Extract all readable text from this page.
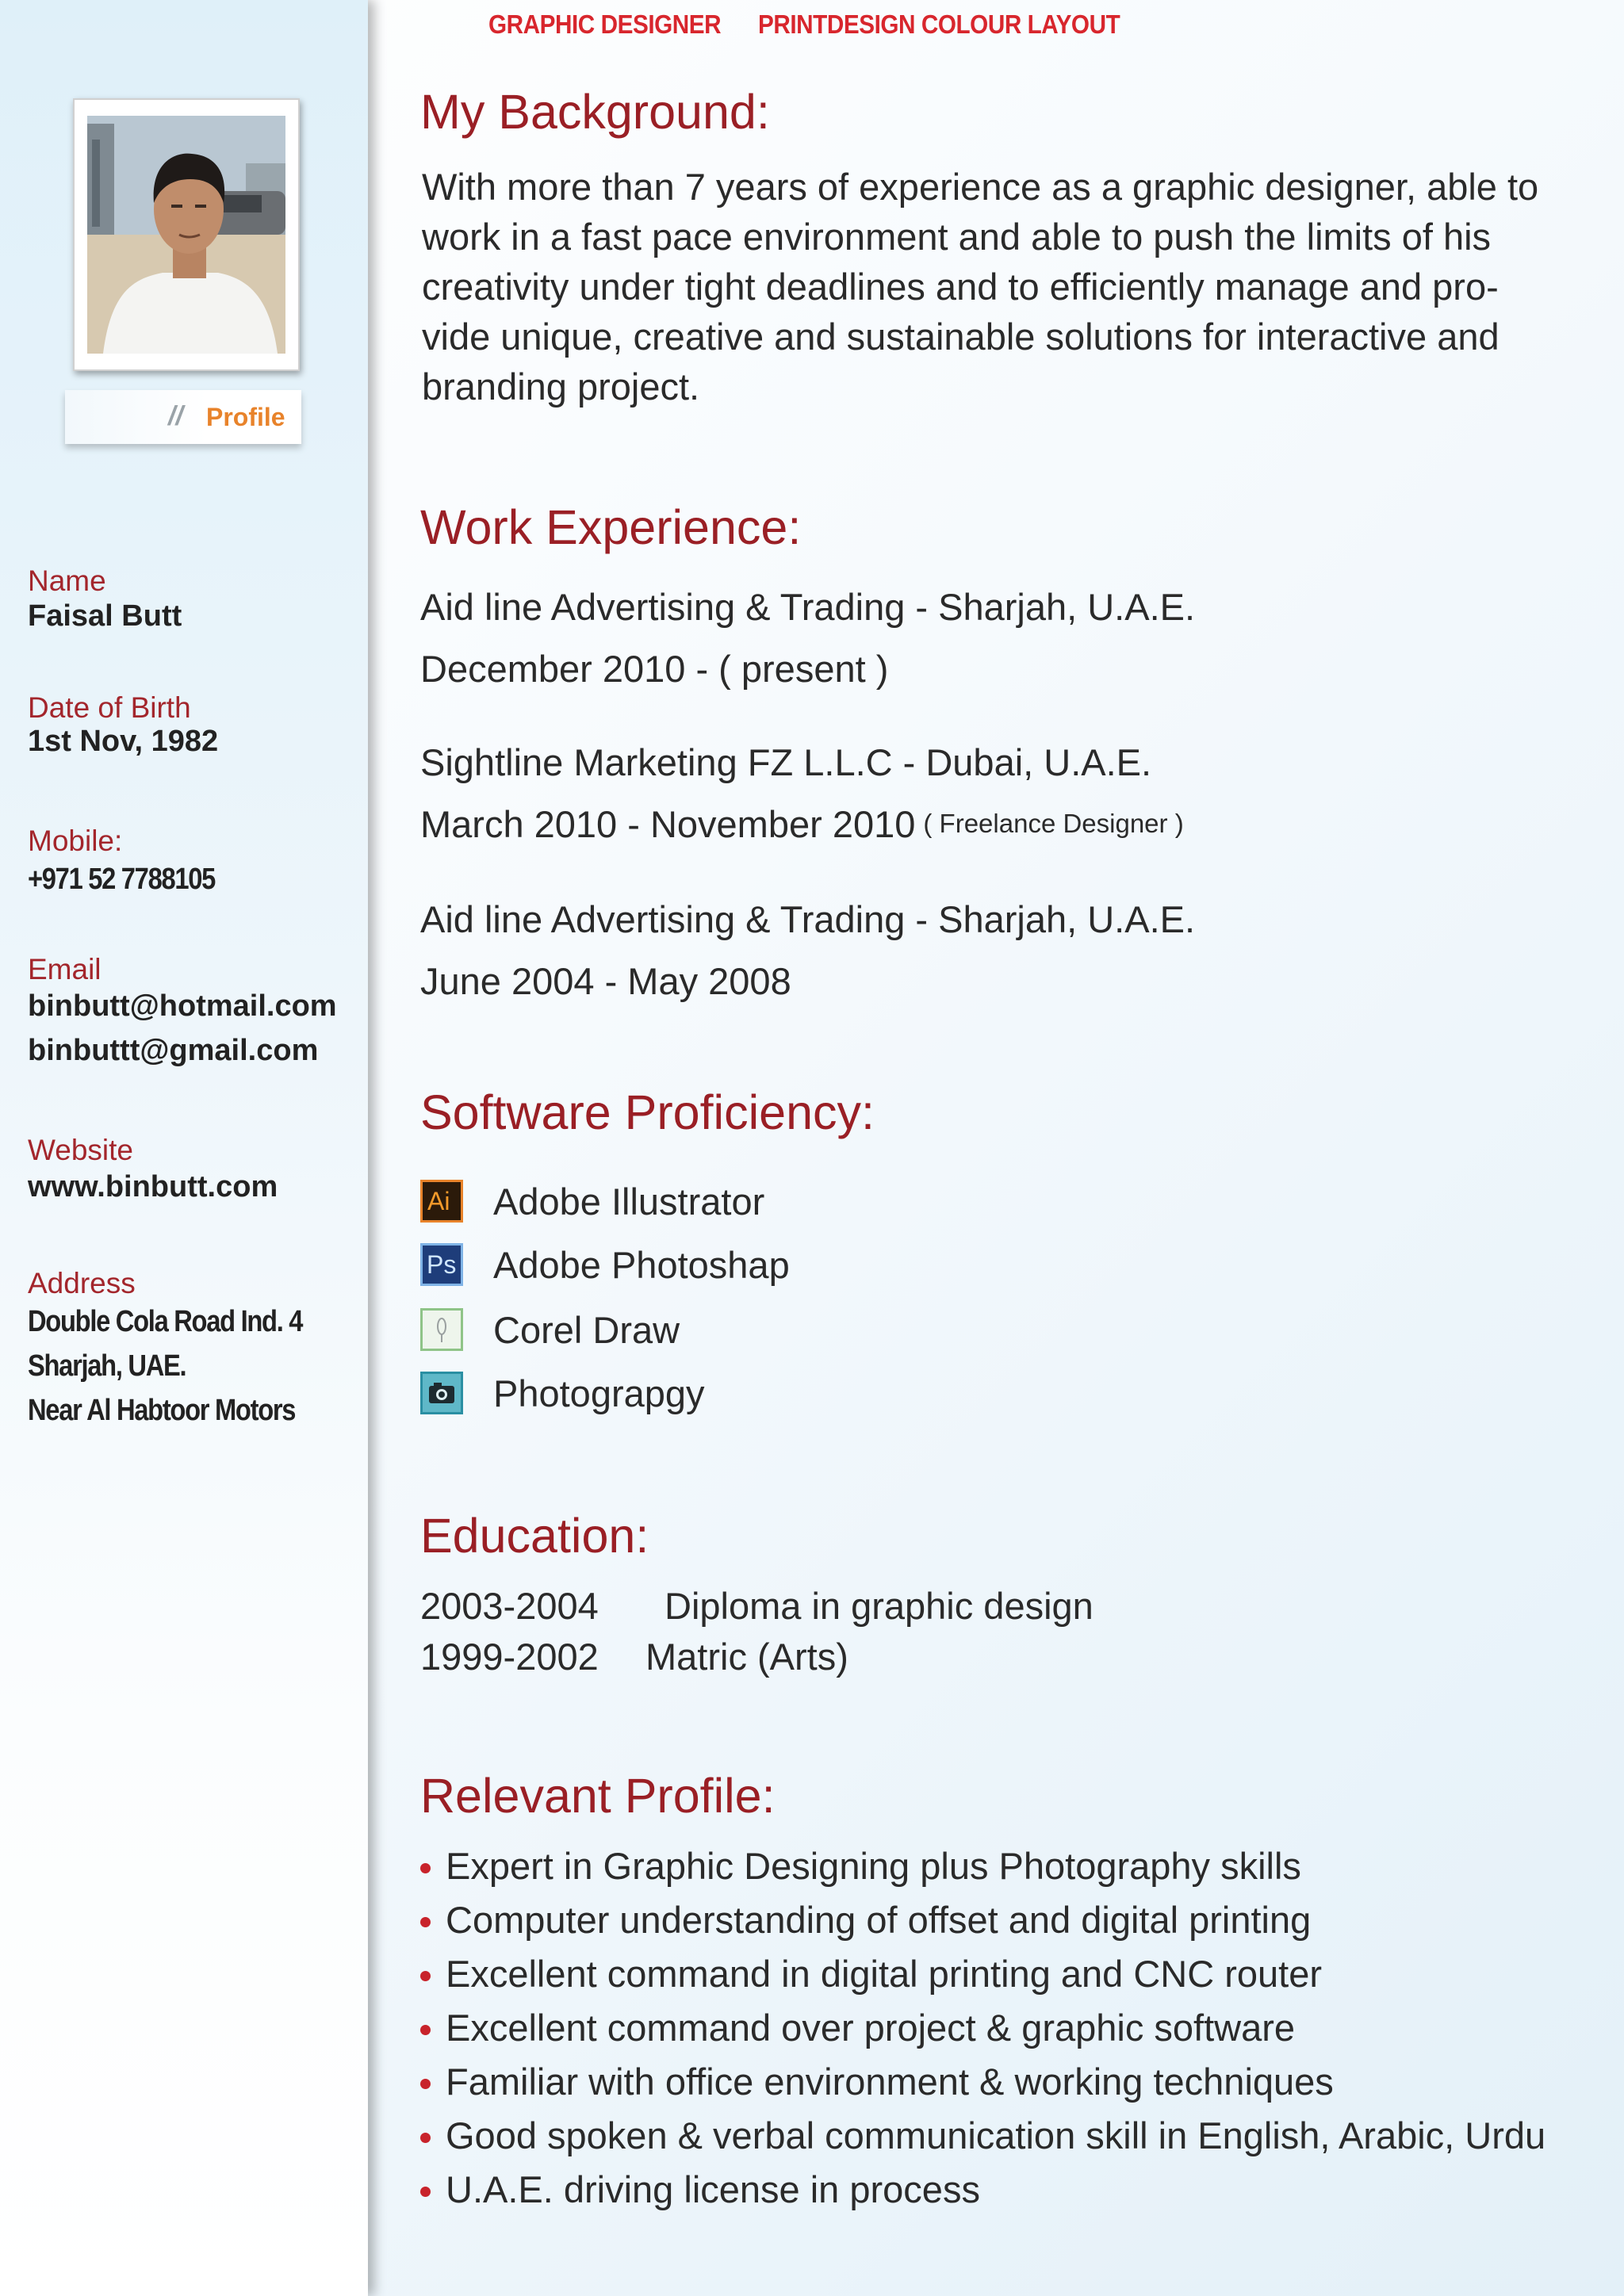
// Profile
Name
Faisal Butt
Date of Birth
1st Nov, 1982
Mobile:
+971 52 7788105
Email
binbutt@hotmail.com
binbuttt@gmail.com
Website
www.binbutt.com
Address
Double Cola Road Ind. 4
Sharjah, UAE.
Near Al Habtoor Motors
GRAPHIC DESIGNER PRINTDESIGN COLOUR LAYOUT
My Background:
With more than 7 years of experience as a graphic designer, able to
work in a fast pace environment and able to push the limits of his
creativity under tight deadlines and to efficiently manage and pro-
vide unique, creative and sustainable solutions for interactive and
branding project.
Work Experience:
Aid line Advertising & Trading - Sharjah, U.A.E.
December 2010 - ( present )
Sightline Marketing FZ L.L.C - Dubai, U.A.E.
March 2010 - November 2010 ( Freelance Designer )
Aid line Advertising & Trading - Sharjah, U.A.E.
June 2004 - May 2008
Software Proficiency:
Ai Adobe Illustrator
Ps Adobe Photoshap
Corel Draw
Photograpgy
Education:
2003-2004 Diploma in graphic design
1999-2002 Matric (Arts)
Relevant Profile:
Expert in Graphic Designing plus Photography skills
Computer understanding of offset and digital printing
Excellent command in digital printing and CNC router
Excellent command over project & graphic software
Familiar with office environment & working techniques
Good spoken & verbal communication skill in English, Arabic, Urdu
U.A.E. driving license in process
